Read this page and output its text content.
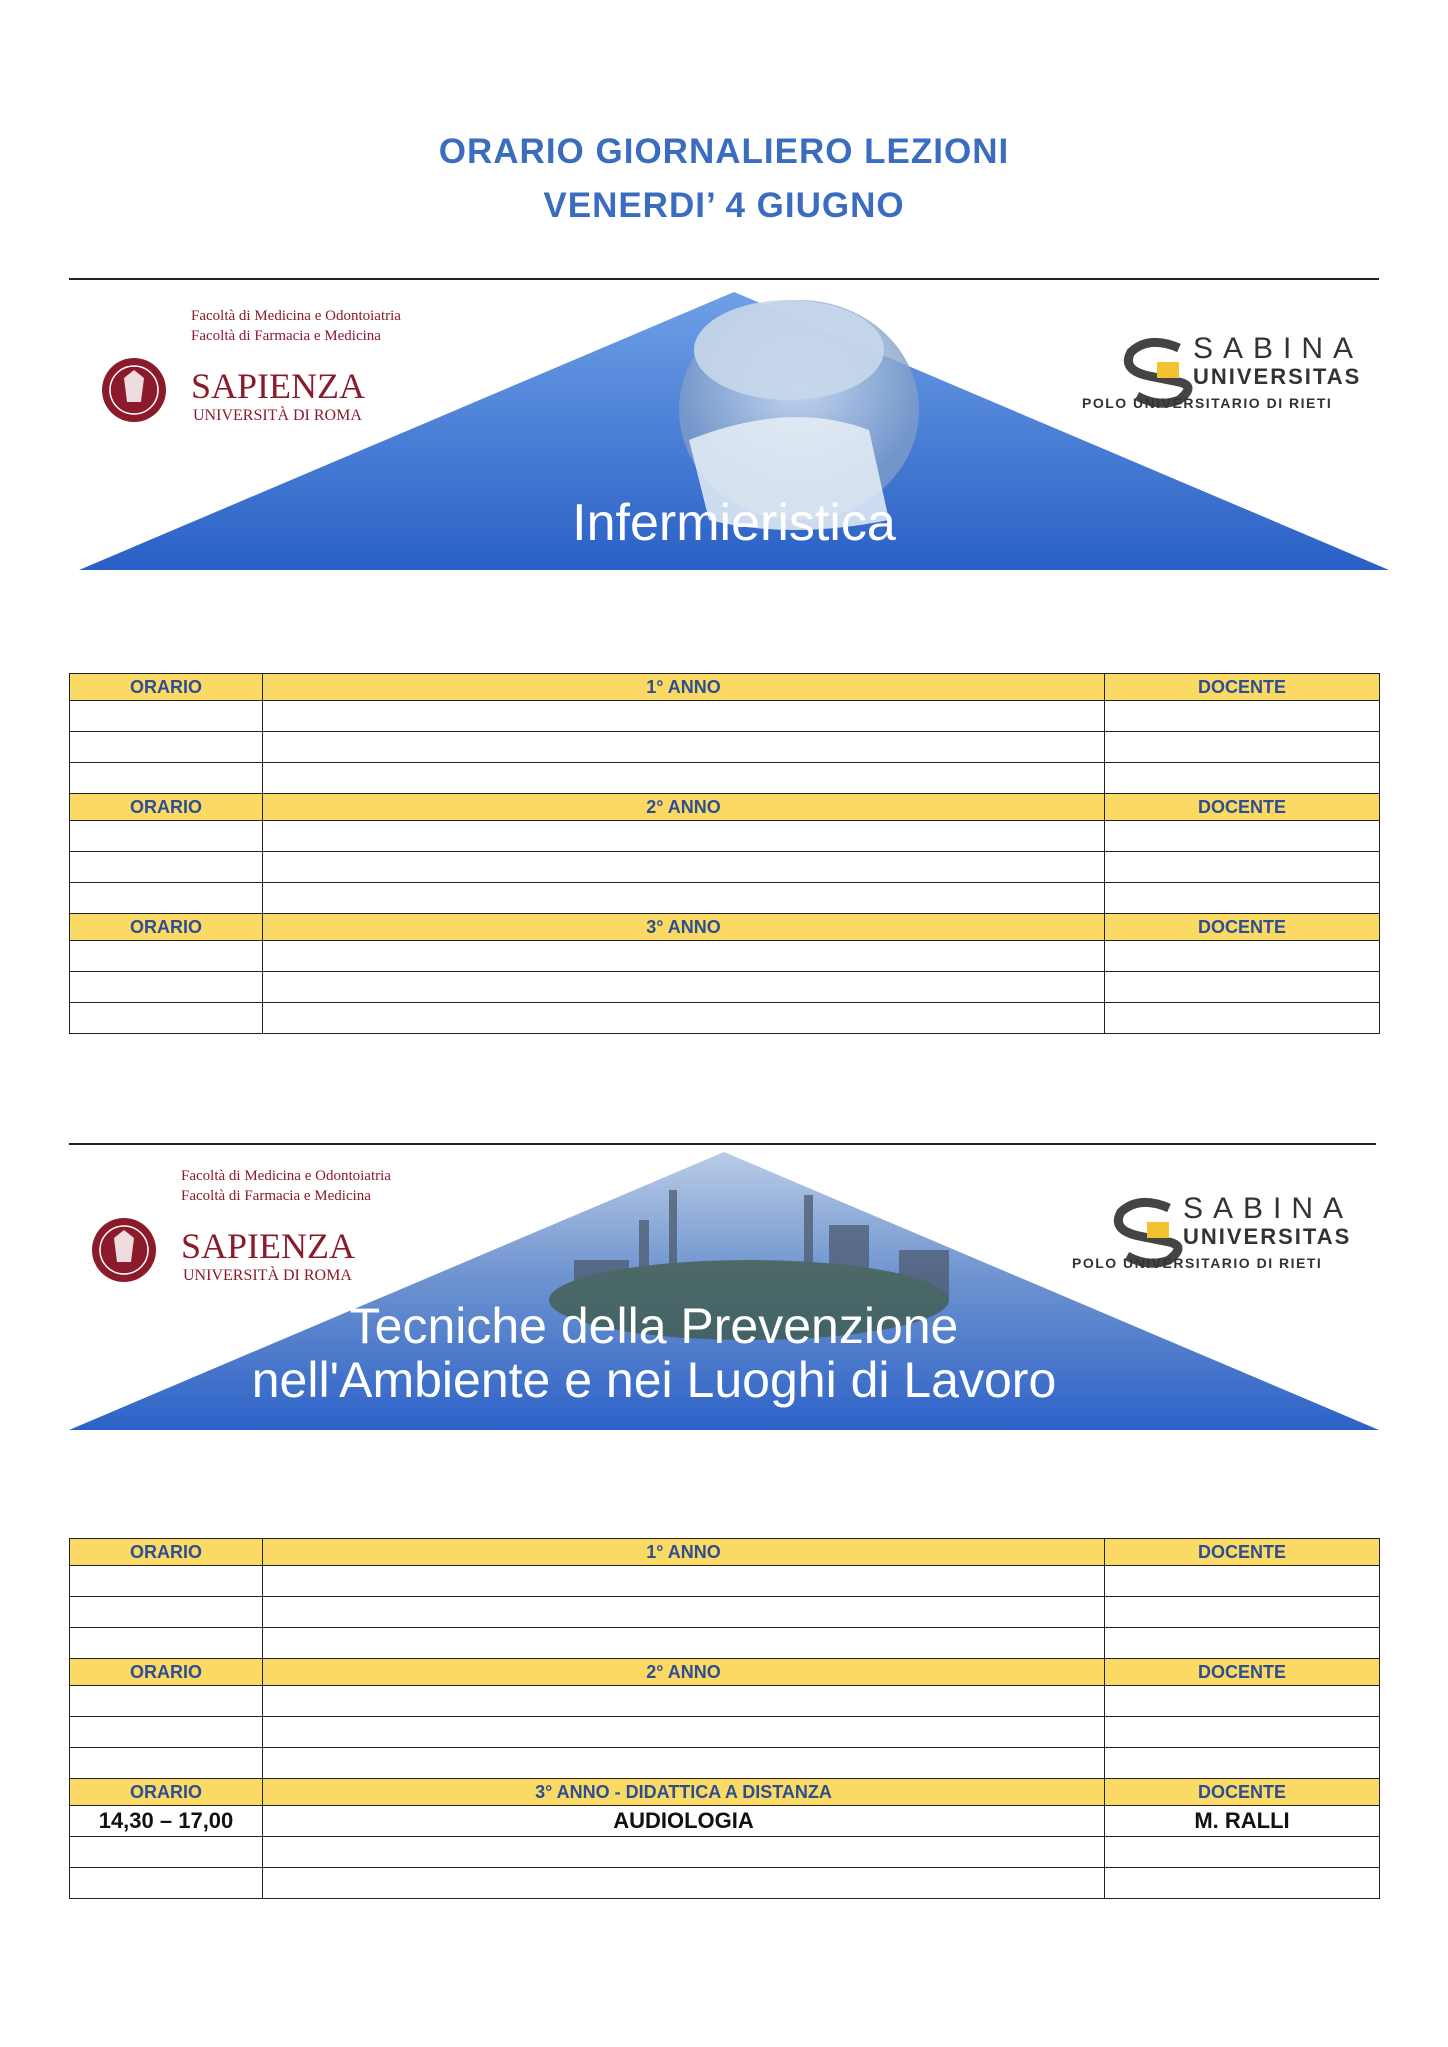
ORARIO GIORNALIERO LEZIONI
VENERDI’ 4 GIUGNO
Infermieristica
Facoltà di Medicina e Odontoiatria
Facoltà di Farmacia e Medicina
SAPIENZA
UNIVERSITÀ DI ROMA
SABINA
UNIVERSITAS
POLO UNIVERSITARIO DI RIETI
ORARIO	1° ANNO	DOCENTE

ORARIO	2° ANNO	DOCENTE

ORARIO	3° ANNO	DOCENTE

Tecniche della Prevenzione
nell'Ambiente e nei Luoghi di Lavoro
Facoltà di Medicina e Odontoiatria
Facoltà di Farmacia e Medicina
SAPIENZA
UNIVERSITÀ DI ROMA
SABINA
UNIVERSITAS
POLO UNIVERSITARIO DI RIETI
ORARIO	1° ANNO	DOCENTE

ORARIO	2° ANNO	DOCENTE

ORARIO	3° ANNO - DIDATTICA A DISTANZA	DOCENTE
14,30 – 17,00	AUDIOLOGIA	M. RALLI
